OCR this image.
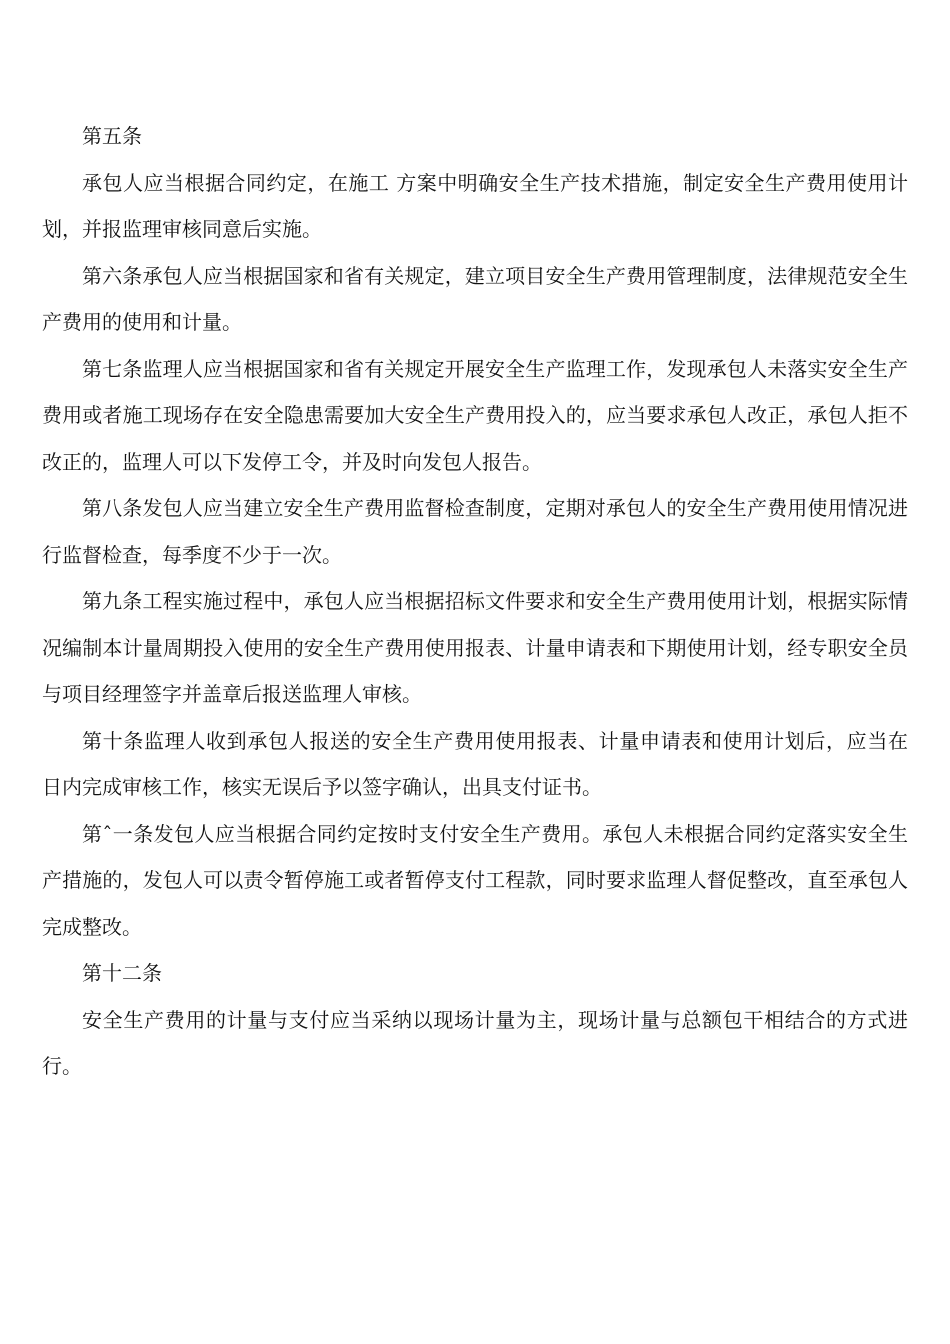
第五条

承包人应当根据合同约定，在施工 方案中明确安全生产技术措施，制定安全生产费用使用计划，并报监理审核同意后实施。

第六条承包人应当根据国家和省有关规定，建立项目安全生产费用管理制度，法律规范安全生产费用的使用和计量。

第七条监理人应当根据国家和省有关规定开展安全生产监理工作，发现承包人未落实安全生产费用或者施工现场存在安全隐患需要加大安全生产费用投入的，应当要求承包人改正，承包人拒不改正的，监理人可以下发停工令，并及时向发包人报告。

第八条发包人应当建立安全生产费用监督检查制度，定期对承包人的安全生产费用使用情况进行监督检查，每季度不少于一次。

第九条工程实施过程中，承包人应当根据招标文件要求和安全生产费用使用计划，根据实际情况编制本计量周期投入使用的安全生产费用使用报表、计量申请表和下期使用计划，经专职安全员与项目经理签字并盖章后报送监理人审核。

第十条监理人收到承包人报送的安全生产费用使用报表、计量申请表和使用计划后，应当在 日内完成审核工作，核实无误后予以签字确认，出具支付证书。

第ˆ一条发包人应当根据合同约定按时支付安全生产费用。承包人未根据合同约定落实安全生产措施的，发包人可以责令暂停施工或者暂停支付工程款，同时要求监理人督促整改，直至承包人完成整改。

第十二条

安全生产费用的计量与支付应当采纳以现场计量为主，现场计量与总额包干相结合的方式进行。
